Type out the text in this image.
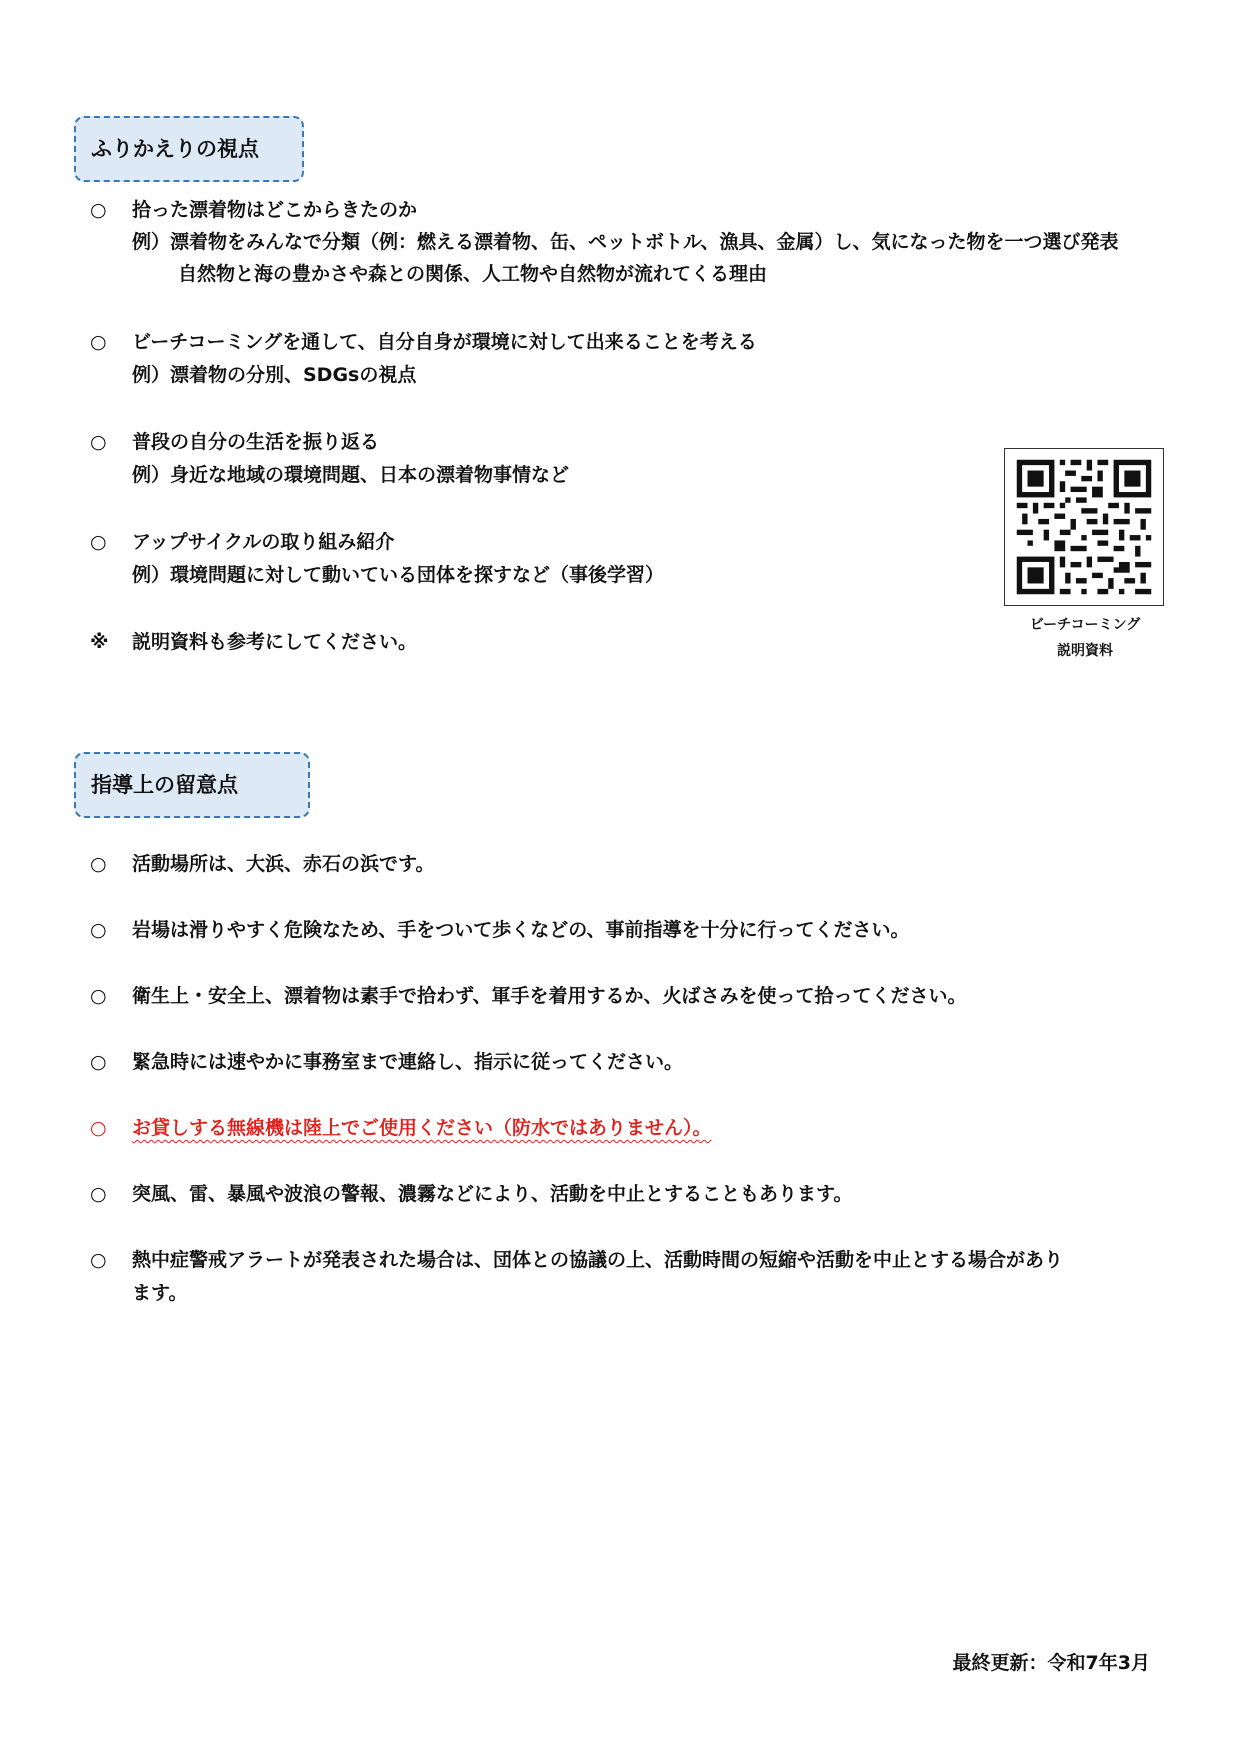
ふりかえりの視点
○	拾った漂着物はどこからきたのか
例）漂着物をみんなで分類（例：燃える漂着物、缶、ペットボトル、漁具、金属）し、気になった物を一つ選び発表
自然物と海の豊かさや森との関係、人工物や自然物が流れてくる理由
○	ビーチコーミングを通して、自分自身が環境に対して出来ることを考える
例）漂着物の分別、SDGsの視点
○	普段の自分の生活を振り返る
例）身近な地域の環境問題、日本の漂着物事情など
○	アップサイクルの取り組み紹介
例）環境問題に対して動いている団体を探すなど（事後学習）
※	説明資料も参考にしてください。
ビーチコーミング
説明資料
指導上の留意点
○	活動場所は、大浜、赤石の浜です。
○	岩場は滑りやすく危険なため、手をついて歩くなどの、事前指導を十分に行ってください。
○	衛生上・安全上、漂着物は素手で拾わず、軍手を着用するか、火ばさみを使って拾ってください。
○	緊急時には速やかに事務室まで連絡し、指示に従ってください。
○	お貸しする無線機は陸上でご使用ください（防水ではありません）。
○	突風、雷、暴風や波浪の警報、濃霧などにより、活動を中止とすることもあります。
○	熱中症警戒アラートが発表された場合は、団体との協議の上、活動時間の短縮や活動を中止とする場合があり
ます。
最終更新：令和7年3月
